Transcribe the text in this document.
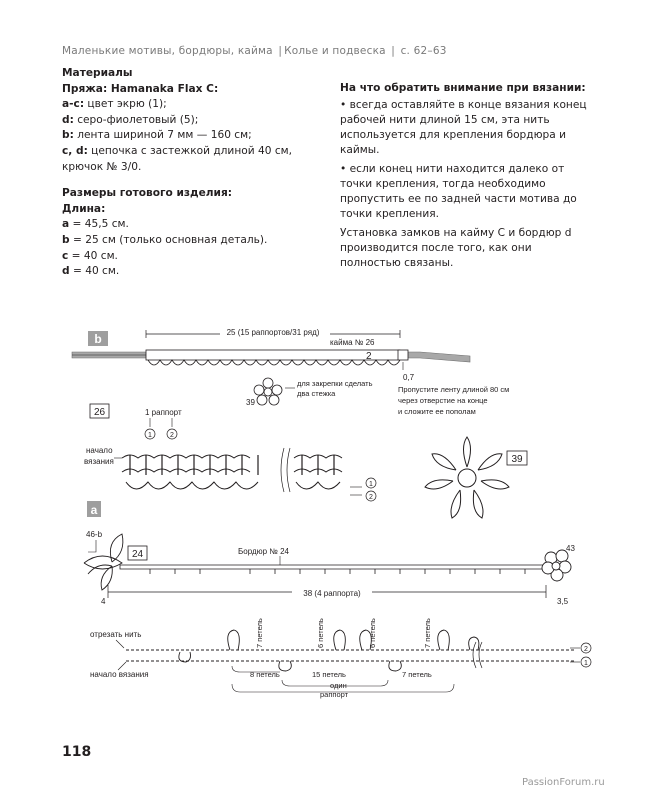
Маленькие мотивы, бордюры, кайма | Колье и подвеска | с. 62–63
Материалы
Пряжа: Hamanaka Flax C:
a-c: цвет экрю (1);
d: серо-фиолетовый (5);
b: лента шириной 7 мм — 160 см;
c, d: цепочка с застежкой длиной 40 см,
крючок № 3/0.
Размеры готового изделия:
Длина:
a = 45,5 см.
b = 25 см (только основная деталь).
c = 40 см.
d = 40 см.
На что обратить внимание при вязании:
• всегда оставляйте в конце вязания конец рабочей нити длиной 15 см, эта нить используется для крепления бордюра и каймы.
• если конец нити находится далеко от точки крепления, тогда необходимо пропустить ее по задней части мотива до точки крепления.
Установка замков на кайму C и бордюр d производится после того, как они полностью связаны.
b	25 (15 раппортов/31 ряд)
кайма № 26
2
0,7
39
для закрепки сделать
два стежка	Пропустите ленту длиной 80 см
через отверстие на конце
и сложите ее пополам
26	1 раппорт
1	2
начало
вязания
1
2
39
a
46-b
24	Бордюр № 24	43
38 (4 раппорта)
4	3,5
отрезать нить
начало вязания
7 петель	6 петель	6 петель	7 петель
8 петель	15 петель
один
раппорт
7 петель
2
1
118
PassionForum.ru
